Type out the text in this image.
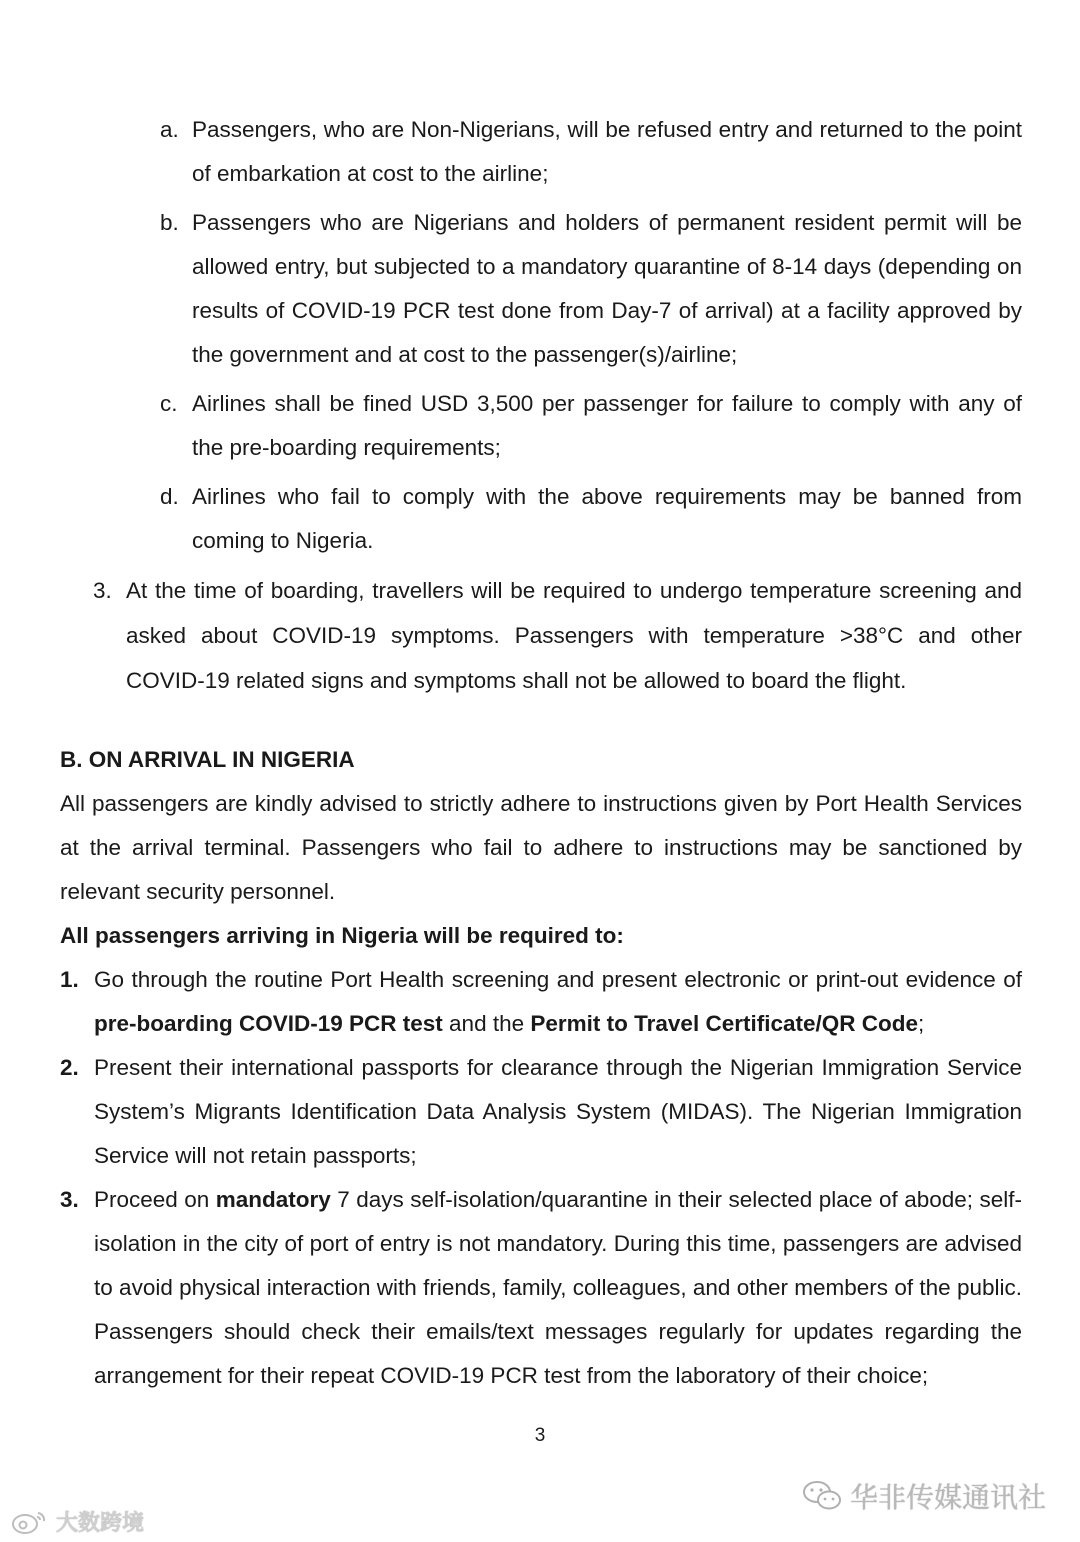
a. Passengers, who are Non-Nigerians, will be refused entry and returned to the point of embarkation at cost to the airline;
b. Passengers who are Nigerians and holders of permanent resident permit will be allowed entry, but subjected to a mandatory quarantine of 8-14 days (depending on results of COVID-19 PCR test done from Day-7 of arrival) at a facility approved by the government and at cost to the passenger(s)/airline;
c. Airlines shall be fined USD 3,500 per passenger for failure to comply with any of the pre-boarding requirements;
d. Airlines who fail to comply with the above requirements may be banned from coming to Nigeria.
3. At the time of boarding, travellers will be required to undergo temperature screening and asked about COVID-19 symptoms. Passengers with temperature >38°C and other COVID-19 related signs and symptoms shall not be allowed to board the flight.
B. ON ARRIVAL IN NIGERIA
All passengers are kindly advised to strictly adhere to instructions given by Port Health Services at the arrival terminal. Passengers who fail to adhere to instructions may be sanctioned by relevant security personnel.
All passengers arriving in Nigeria will be required to:
1. Go through the routine Port Health screening and present electronic or print-out evidence of pre-boarding COVID-19 PCR test and the Permit to Travel Certificate/QR Code;
2. Present their international passports for clearance through the Nigerian Immigration Service System’s Migrants Identification Data Analysis System (MIDAS). The Nigerian Immigration Service will not retain passports;
3. Proceed on mandatory 7 days self-isolation/quarantine in their selected place of abode; self-isolation in the city of port of entry is not mandatory. During this time, passengers are advised to avoid physical interaction with friends, family, colleagues, and other members of the public. Passengers should check their emails/text messages regularly for updates regarding the arrangement for their repeat COVID-19 PCR test from the laboratory of their choice;
3
大数跨境
华非传媒通讯社
